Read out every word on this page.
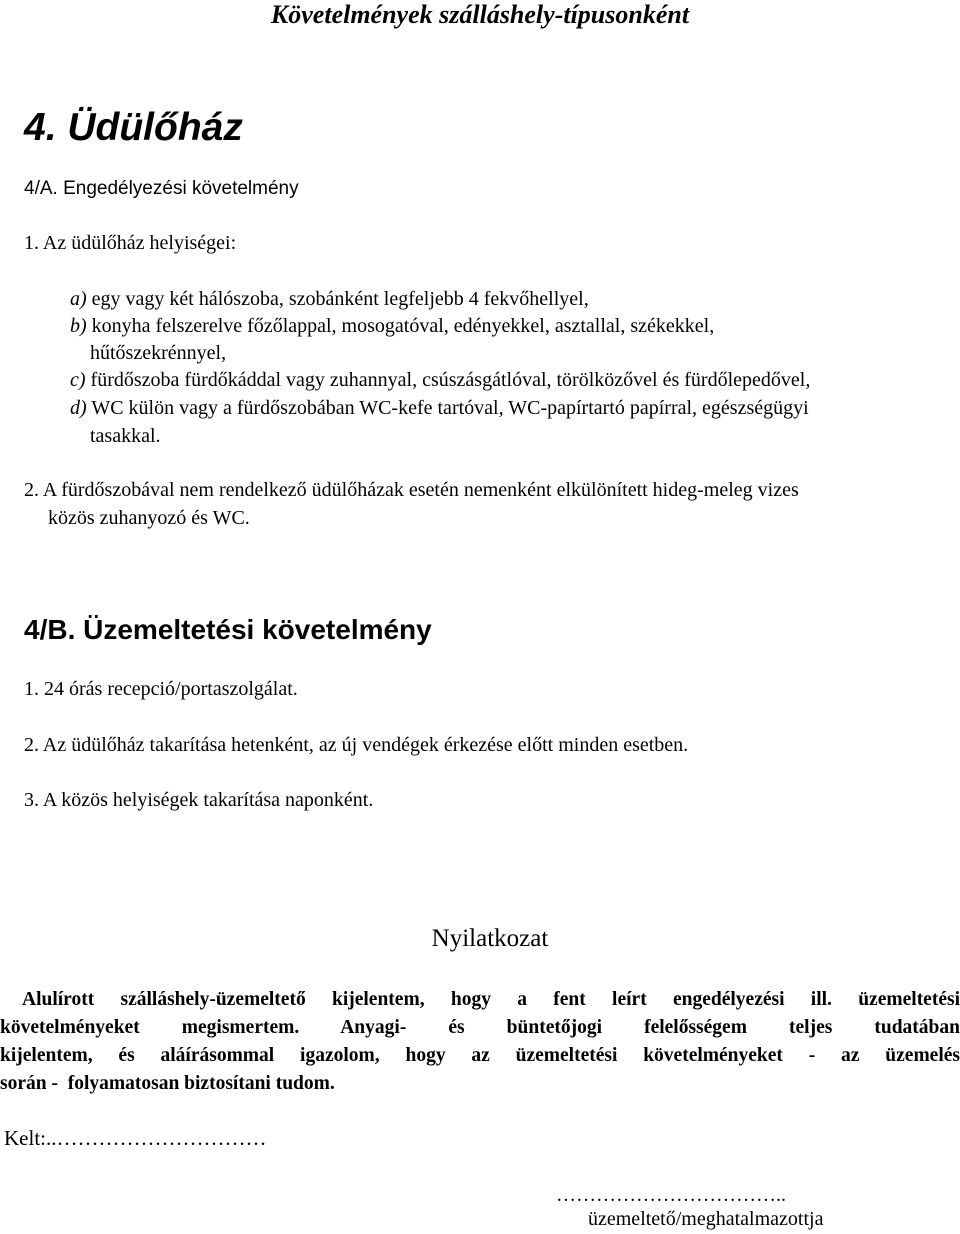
Követelmények szálláshely-típusonként
4. Üdülőház
4/A. Engedélyezési követelmény
1. Az üdülőház helyiségei:
a) egy vagy két hálószoba, szobánként legfeljebb 4 fekvőhellyel,
b) konyha felszerelve főzőlappal, mosogatóval, edényekkel, asztallal, székekkel,
hűtőszekrénnyel,
c) fürdőszoba fürdőkáddal vagy zuhannyal, csúszásgátlóval, törölközővel és fürdőlepedővel,
d) WC külön vagy a fürdőszobában WC-kefe tartóval, WC-papírtartó papírral, egészségügyi
tasakkal.
2. A fürdőszobával nem rendelkező üdülőházak esetén nemenként elkülönített hideg-meleg vizes
közös zuhanyozó és WC.
4/B. Üzemeltetési követelmény
1. 24 órás recepció/portaszolgálat.
2. Az üdülőház takarítása hetenként, az új vendégek érkezése előtt minden esetben.
3. A közös helyiségek takarítása naponként.
Nyilatkozat
Alulírott szálláshely-üzemeltető kijelentem, hogy a fent leírt engedélyezési ill. üzemeltetési
követelményeket megismertem. Anyagi- és büntetőjogi felelősségem teljes tudatában
kijelentem, és aláírásommal igazolom, hogy az üzemeltetési követelményeket - az üzemelés
során -  folyamatosan biztosítani tudom.
Kelt:..…………………………
……………………………..
üzemeltető/meghatalmazottja
